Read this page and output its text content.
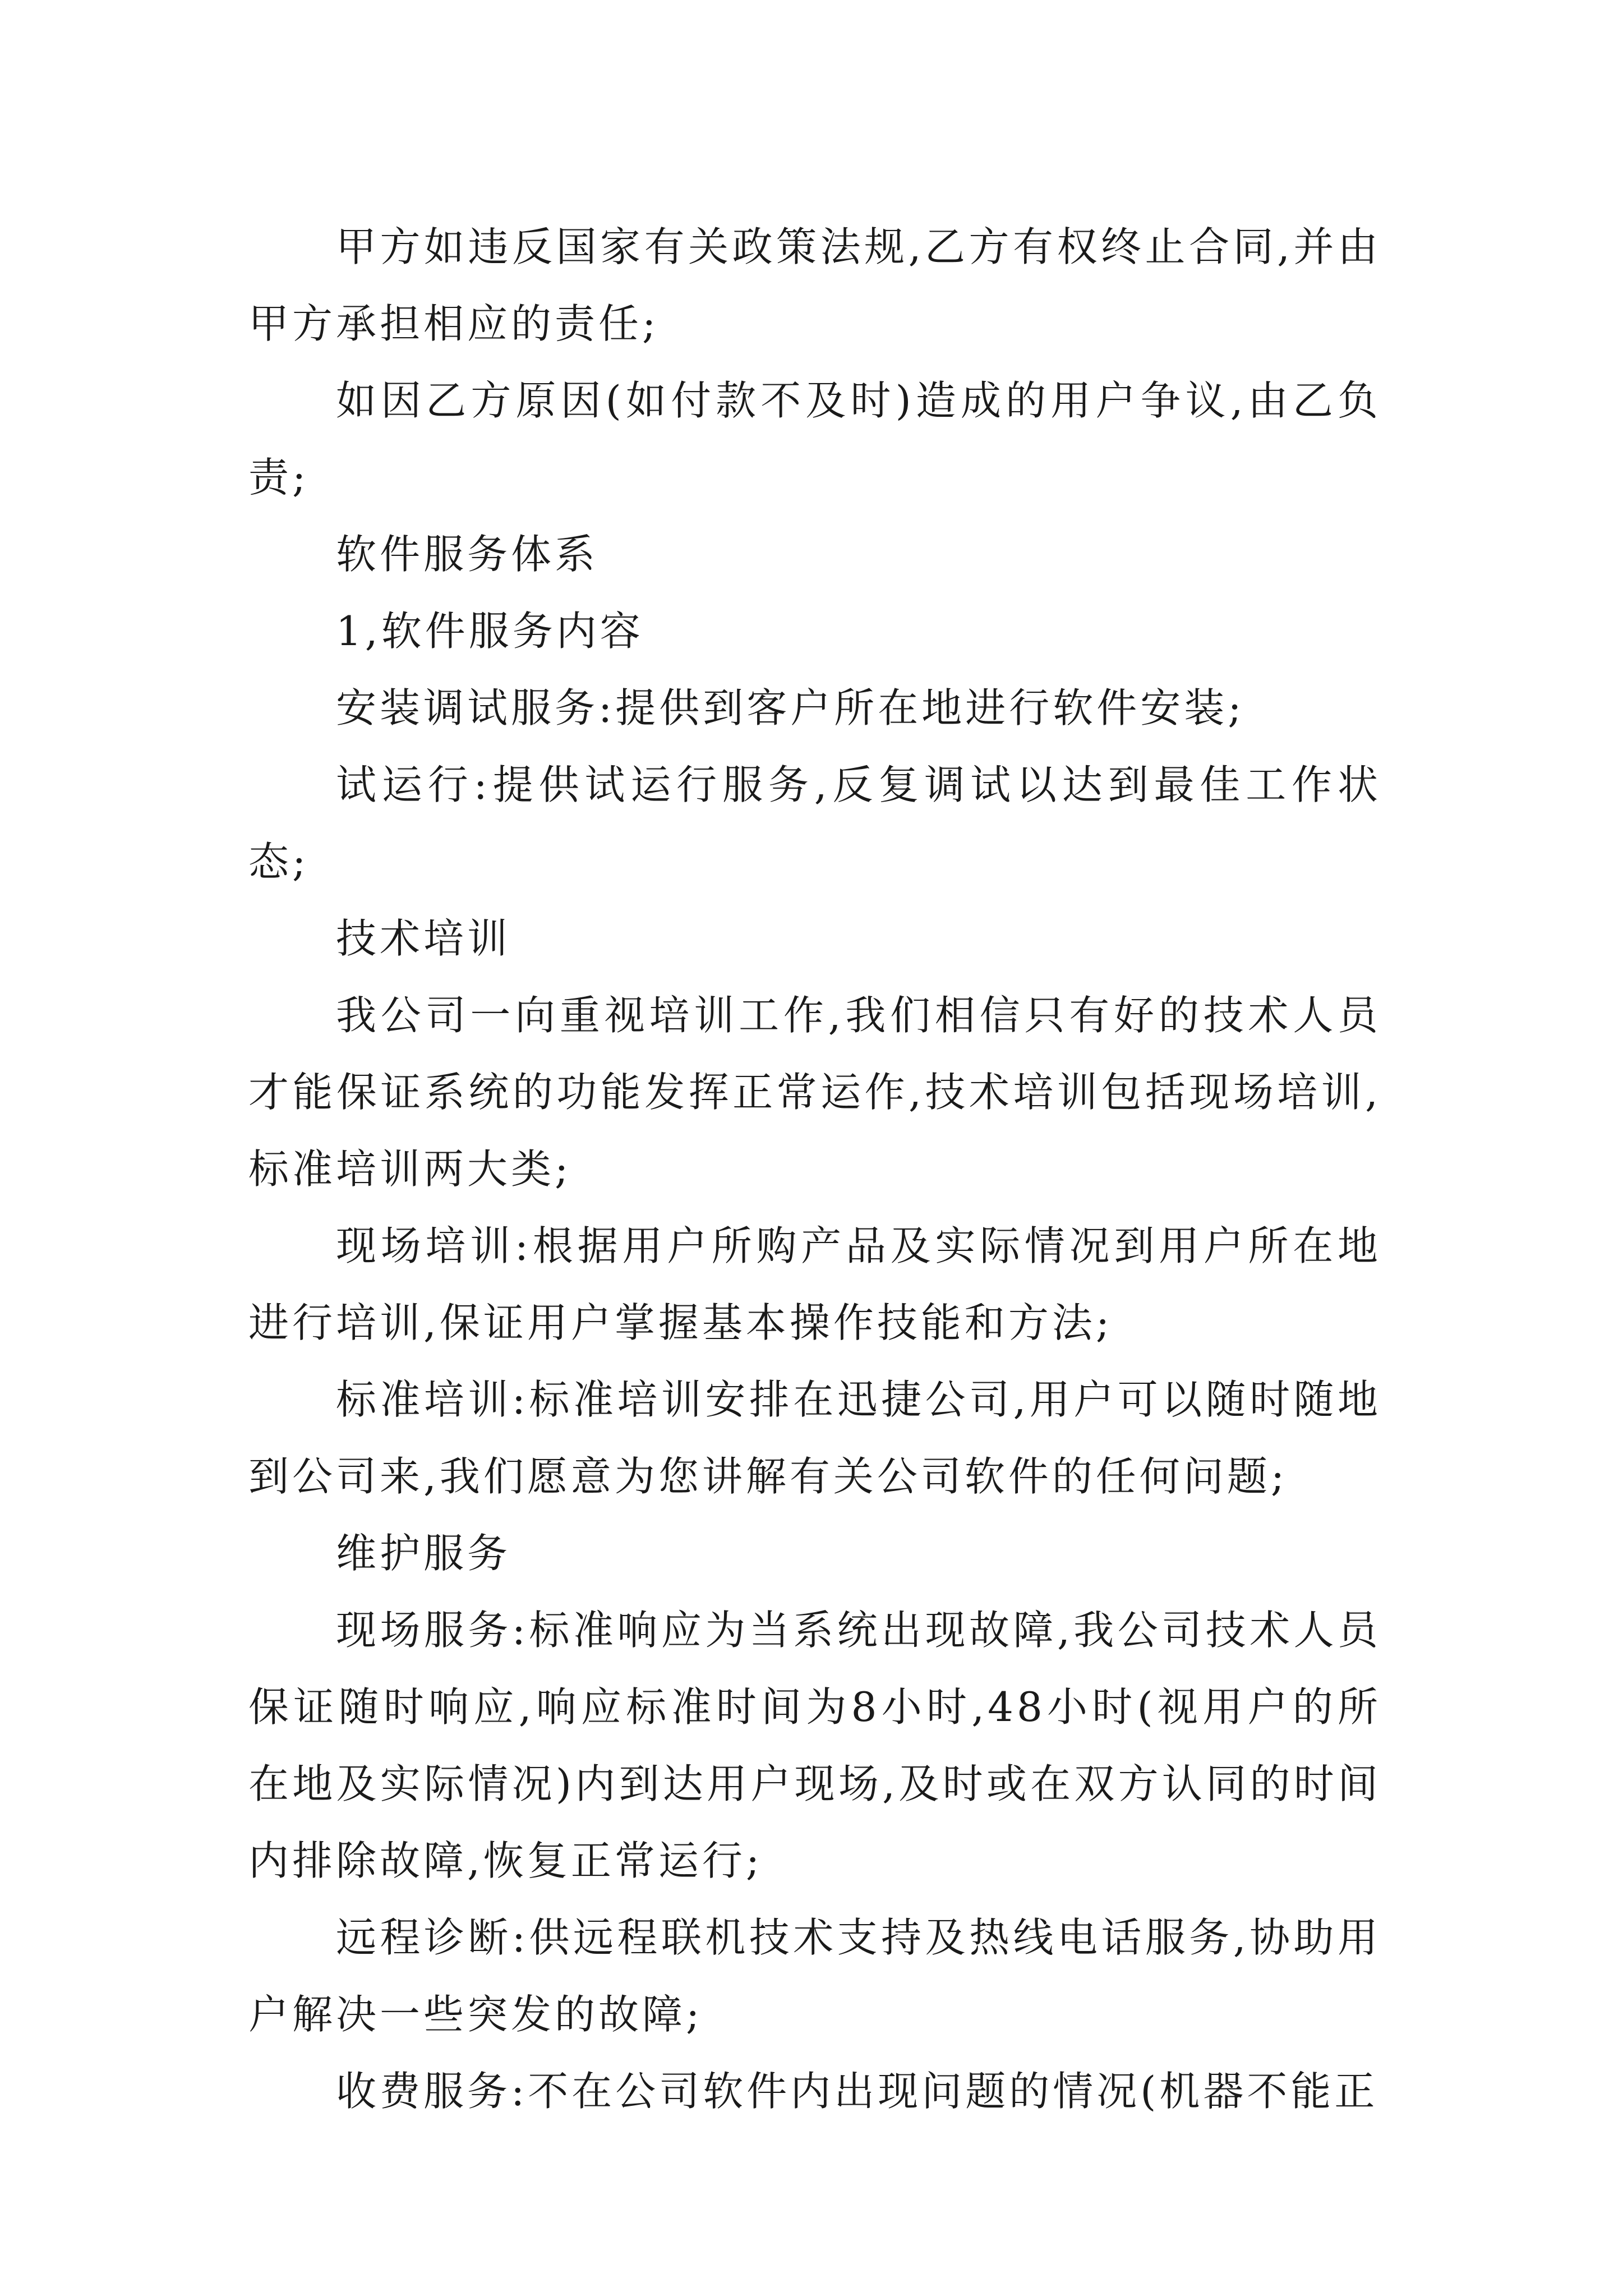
甲方如违反国家有关政策法规,乙方有权终止合同,并由甲方承担相应的责任;

如因乙方原因(如付款不及时)造成的用户争议,由乙负责;

软件服务体系

1,软件服务内容

安装调试服务:提供到客户所在地进行软件安装;

试运行:提供试运行服务,反复调试以达到最佳工作状态;

技术培训

我公司一向重视培训工作,我们相信只有好的技术人员才能保证系统的功能发挥正常运作,技术培训包括现场培训,标准培训两大类;

现场培训:根据用户所购产品及实际情况到用户所在地进行培训,保证用户掌握基本操作技能和方法;

标准培训:标准培训安排在迅捷公司,用户可以随时随地到公司来,我们愿意为您讲解有关公司软件的任何问题;

维护服务

现场服务:标准响应为当系统出现故障,我公司技术人员保证随时响应,响应标准时间为8小时,48小时(视用户的所在地及实际情况)内到达用户现场,及时或在双方认同的时间内排除故障,恢复正常运行;

远程诊断:供远程联机技术支持及热线电话服务,协助用户解决一些突发的故障;

收费服务:不在公司软件内出现问题的情况(机器不能正
